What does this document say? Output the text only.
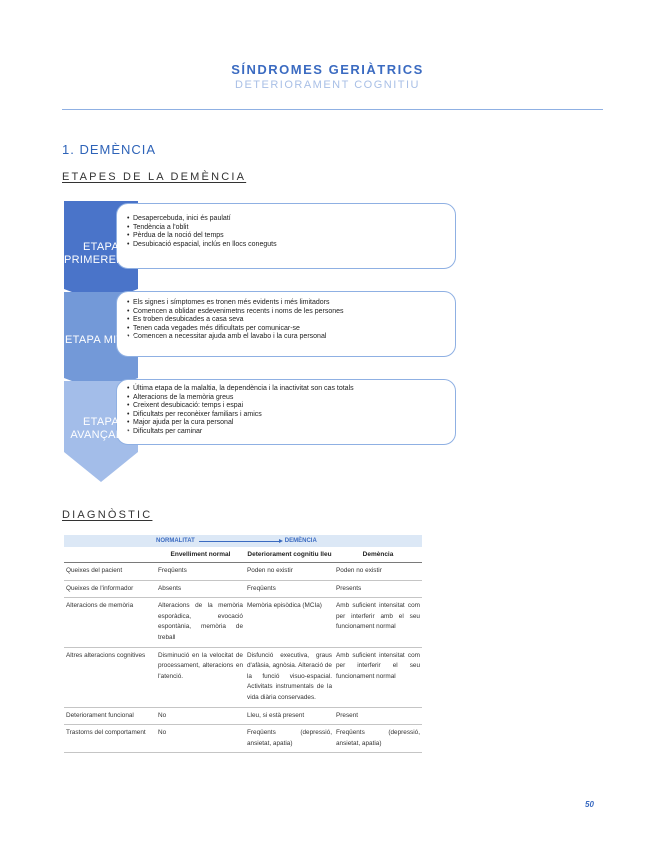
SÍNDROMES GERIÀTRICS
DETERIORAMENT COGNITIU
1. DEMÈNCIA
ETAPES DE LA DEMÈNCIA
• Desapercebuda, inici és paulatí
• Tendència a l'oblit
• Pèrdua de la noció del temps
• Desubicació espacial, inclús en llocs coneguts
ETAPA
PRIMERENCA
• Els signes i símptomes es tronen més evidents i més limitadors
• Comencen a oblidar esdevenimetns recents i noms de les persones
• Es troben desubicades a casa seva
• Tenen cada vegades més dificultats per comunicar-se
• Comencen a necessitar ajuda amb el lavabo i la cura personal
ETAPA MITJA
• Última etapa de la malaltia, la dependència i la inactivitat son cas totals
• Alteracions de la memòria greus
• Creixent desubicació: temps i espai
• Dificultats per reconèixer familiars i amics
• Major ajuda per la cura personal
• Dificultats per caminar
ETAPA
AVANÇADA
DIAGNÒSTIC
NORMALITAT	DEMÈNCIA
	Envelliment normal	Deteriorament cognitiu lleu	Demència
Queixes del pacient	Freqüents	Poden no existir	Poden no existir
Queixes de l'informador	Absents	Freqüents	Presents
Alteracions de memòria	Alteracions de la memòria esporàdica, evocació espontània, memòria de treball	Memòria episòdica (MCIa)	Amb suficient intensitat com per interferir amb el seu funcionament normal
Altres alteracions cognitives	Disminució en la velocitat de processament, alteracions en l'atenció.	Disfunció executiva, graus d'afàsia, agnòsia. Alteració de la funció visuo-espacial. Activitats instrumentals de la vida diària conservades.	Amb suficient intensitat com per interferir el seu funcionament normal
Deteriorament funcional	No	Lleu, si està present	Present
Trastorns del comportament	No	Freqüents (depressió, ansietat, apatia)	Freqüents (depressió, ansietat, apatia)
50
